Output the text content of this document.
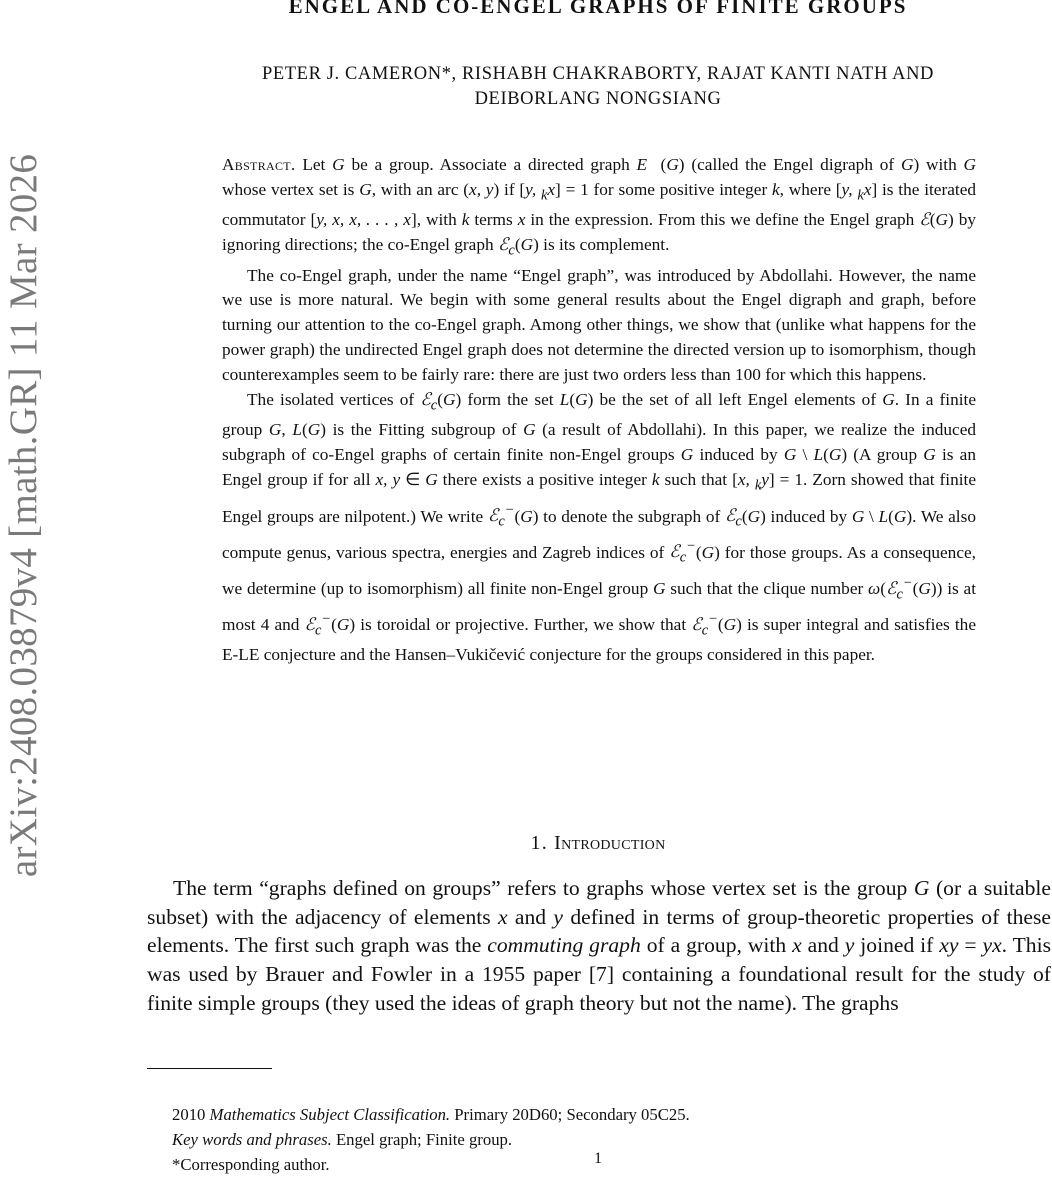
arXiv:2408.03879v4 [math.GR] 11 Mar 2026
ENGEL AND CO-ENGEL GRAPHS OF FINITE GROUPS
PETER J. CAMERON*, RISHABH CHAKRABORTY, RAJAT KANTI NATH AND
DEIBORLANG NONGSIANG

Abstract. Let G be a group. Associate a directed graph E⃗(G) (called the Engel digraph of G) with G whose vertex set is G, with an arc (x, y) if [y, $_k$x] = 1 for some positive integer k, where [y, $_k$x] is the iterated commutator [y, x, x, . . . , x], with k terms x in the expression. From this we define the Engel graph ℰ(G) by ignoring directions; the co-Engel graph ℰ$_c$(G) is its complement.

The co-Engel graph, under the name “Engel graph”, was introduced by Abdollahi. However, the name we use is more natural. We begin with some general results about the Engel digraph and graph, before turning our attention to the co-Engel graph. Among other things, we show that (unlike what happens for the power graph) the undirected Engel graph does not determine the directed version up to isomorphism, though counterexamples seem to be fairly rare: there are just two orders less than 100 for which this happens.

The isolated vertices of ℰ$_c$(G) form the set L(G) be the set of all left Engel elements of G. In a finite group G, L(G) is the Fitting subgroup of G (a result of Abdollahi). In this paper, we realize the induced subgraph of co-Engel graphs of certain finite non-Engel groups G induced by G \ L(G) (A group G is an Engel group if for all x, y ∈ G there exists a positive integer k such that [x, $_k$y] = 1. Zorn showed that finite Engel groups are nilpotent.) We write ℰ$_c$−(G) to denote the subgraph of ℰ$_c$(G) induced by G \ L(G). We also compute genus, various spectra, energies and Zagreb indices of ℰ$_c$−(G) for those groups. As a consequence, we determine (up to isomorphism) all finite non-Engel group G such that the clique number ω(ℰ$_c$−(G)) is at most 4 and ℰ$_c$−(G) is toroidal or projective. Further, we show that ℰ$_c$−(G) is super integral and satisfies the E-LE conjecture and the Hansen–Vukičević conjecture for the groups considered in this paper.

1. Introduction

The term “graphs defined on groups” refers to graphs whose vertex set is the group G (or a suitable subset) with the adjacency of elements x and y defined in terms of group-theoretic properties of these elements. The first such graph was the commuting graph of a group, with x and y joined if xy = yx. This was used by Brauer and Fowler in a 1955 paper [7] containing a foundational result for the study of finite simple groups (they used the ideas of graph theory but not the name). The graphs

2010 Mathematics Subject Classification. Primary 20D60; Secondary 05C25.
Key words and phrases. Engel graph; Finite group.
*Corresponding author.	1
